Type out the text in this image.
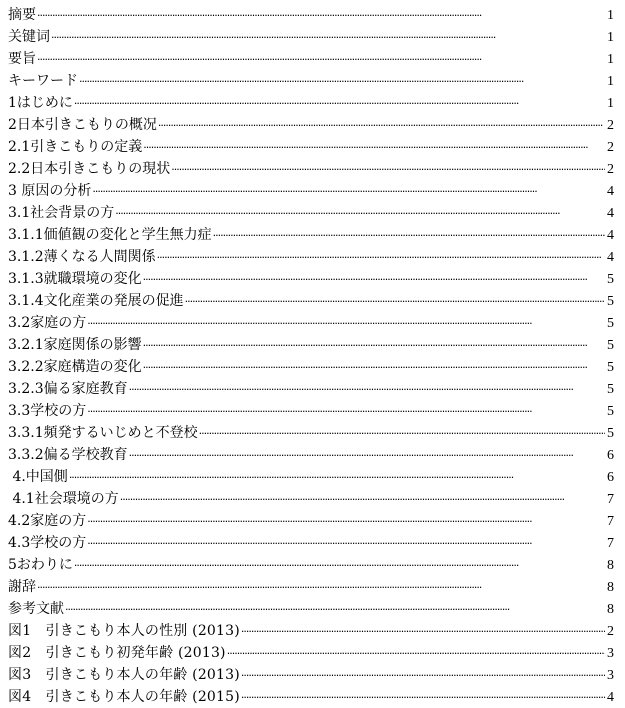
摘要 ·····	1
关键词 ·····	1
要旨 ·····	1
キーワード ·····	1
1はじめに ·····	1
2日本引きこもりの概况 ·····	2
2.1引きこもりの定義 ·····	2
2.2日本引きこもりの現状 ·····	2
3 原因の分析 ·····	4
3.1社会背景の方 ·····	4
3.1.1価値観の変化と学生無力症 ·····	4
3.1.2薄くなる人間関係 ·····	4
3.1.3就職環境の変化 ·····	5
3.1.4文化産業の発展の促進 ·····	5
3.2家庭の方 ·····	5
3.2.1家庭関係の影響 ·····	5
3.2.2家庭構造の変化 ·····	5
3.2.3偏る家庭教育 ·····	5
3.3学校の方 ·····	5
3.3.1頻発するいじめと不登校 ·····	5
3.3.2偏る学校教育 ·····	6
4.中国側 ·····	6
4.1社会環境の方 ·····	7
4.2家庭の方 ·····	7
4.3学校の方 ·····	7
5おわりに ·····	8
謝辞 ·····	8
参考文献 ·····	8
図1　引きこもり本人の性別 (2013) ·····	2
図2　引きこもり初発年齢 (2013) ·····	3
図3　引きこもり本人の年齢 (2013) ·····	3
図4　引きこもり本人の年齢 (2015) ·····	4
